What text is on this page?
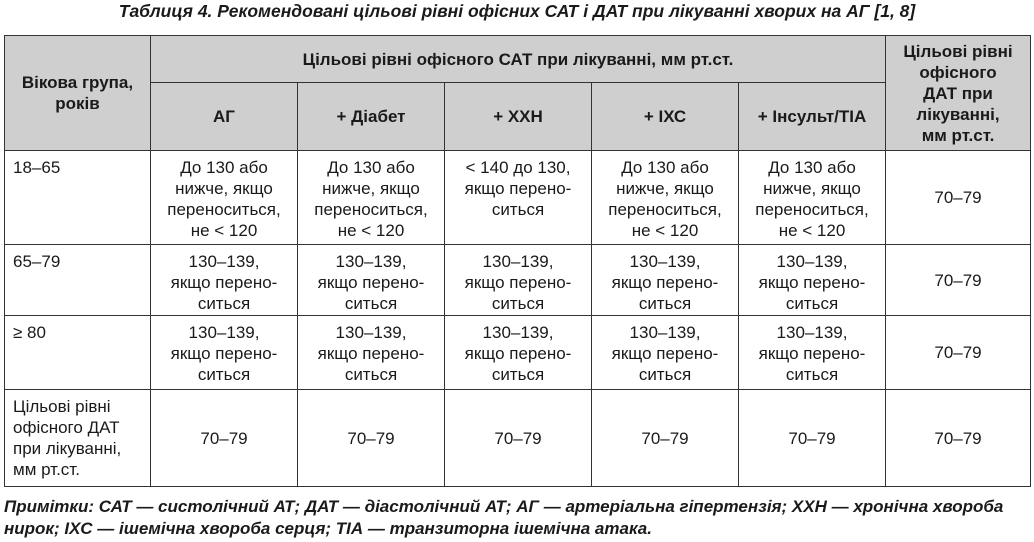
Таблиця 4. Рекомендовані цільові рівні офісних САТ і ДАТ при лікуванні хворих на АГ [1, 8]
Вікова група,
років	Цільові рівні офісного САТ при лікуванні, мм рт.ст.					Цільові рівні
офісного
ДАТ при
лікуванні,
мм рт.ст.

	АГ	+ Діабет	+ ХХН	+ ІХС	+ Інсульт/ТІА	

18–65	До 130 або
нижче, якщо
переноситься,
не < 120	До 130 або
нижче, якщо
переноситься,
не < 120	< 140 до 130,
якщо перено-
ситься	До 130 або
нижче, якщо
переноситься,
не < 120	До 130 або
нижче, якщо
переноситься,
не < 120	70–79

65–79	130–139,
якщо перено-
ситься	130–139,
якщо перено-
ситься	130–139,
якщо перено-
ситься	130–139,
якщо перено-
ситься	130–139,
якщо перено-
ситься	70–79

≥ 80	130–139,
якщо перено-
ситься	130–139,
якщо перено-
ситься	130–139,
якщо перено-
ситься	130–139,
якщо перено-
ситься	130–139,
якщо перено-
ситься	70–79

Цільові рівні
офісного ДАТ
при лікуванні,
мм рт.ст.	70–79	70–79	70–79	70–79	70–79	70–79
Примітки: САТ — систолічний АТ; ДАТ — діастолічний АТ; АГ — артеріальна гіпертензія; ХХН — хронічна хвороба нирок; ІХС — ішемічна хвороба серця; ТІА — транзиторна ішемічна атака.
